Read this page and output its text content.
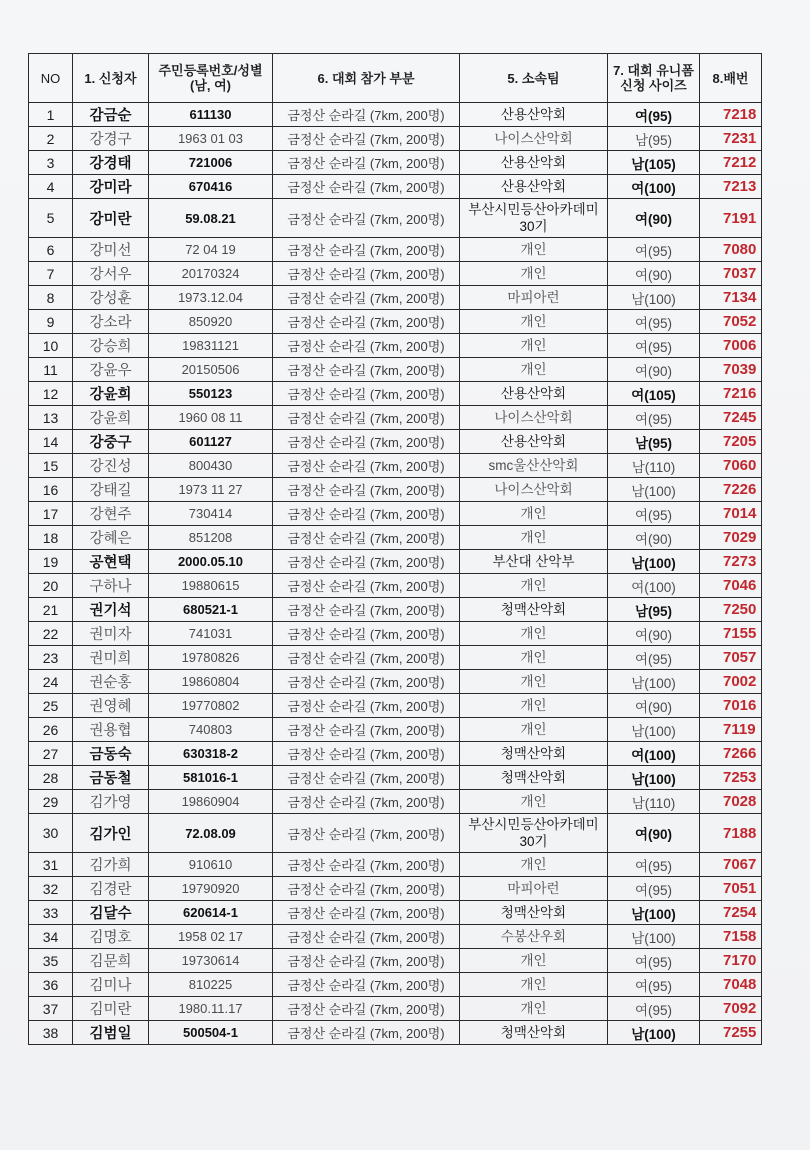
NO	1. 신청자	주민등록번호/성별 (남, 여)	6. 대회 참가 부분	5. 소속팀	7. 대회 유니폼 신청 사이즈	8.배번
1	감금순	611130	금정산 순라길 (7km, 200명)	산용산악회	여(95)	7218
2	강경구	1963 01 03	금정산 순라길 (7km, 200명)	나이스산악회	남(95)	7231
3	강경태	721006	금정산 순라길 (7km, 200명)	산용산악회	남(105)	7212
4	강미라	670416	금정산 순라길 (7km, 200명)	산용산악회	여(100)	7213
5	강미란	59.08.21	금정산 순라길 (7km, 200명)	부산시민등산아카데미 30기	여(90)	7191
6	강미선	72 04 19	금정산 순라길 (7km, 200명)	개인	여(95)	7080
7	강서우	20170324	금정산 순라길 (7km, 200명)	개인	여(90)	7037
8	강성훈	1973.12.04	금정산 순라길 (7km, 200명)	마피아런	남(100)	7134
9	강소라	850920	금정산 순라길 (7km, 200명)	개인	여(95)	7052
10	강승희	19831121	금정산 순라길 (7km, 200명)	개인	여(95)	7006
11	강윤우	20150506	금정산 순라길 (7km, 200명)	개인	여(90)	7039
12	강윤희	550123	금정산 순라길 (7km, 200명)	산용산악회	여(105)	7216
13	강윤희	1960 08 11	금정산 순라길 (7km, 200명)	나이스산악회	여(95)	7245
14	강중구	601127	금정산 순라길 (7km, 200명)	산용산악회	남(95)	7205
15	강진성	800430	금정산 순라길 (7km, 200명)	smc울산산악회	남(110)	7060
16	강태길	1973 11 27	금정산 순라길 (7km, 200명)	나이스산악회	남(100)	7226
17	강현주	730414	금정산 순라길 (7km, 200명)	개인	여(95)	7014
18	강혜은	851208	금정산 순라길 (7km, 200명)	개인	여(90)	7029
19	공현택	2000.05.10	금정산 순라길 (7km, 200명)	부산대 산악부	남(100)	7273
20	구하나	19880615	금정산 순라길 (7km, 200명)	개인	여(100)	7046
21	권기석	680521-1	금정산 순라길 (7km, 200명)	청맥산악회	남(95)	7250
22	권미자	741031	금정산 순라길 (7km, 200명)	개인	여(90)	7155
23	권미희	19780826	금정산 순라길 (7km, 200명)	개인	여(95)	7057
24	권순홍	19860804	금정산 순라길 (7km, 200명)	개인	남(100)	7002
25	권영혜	19770802	금정산 순라길 (7km, 200명)	개인	여(90)	7016
26	권용협	740803	금정산 순라길 (7km, 200명)	개인	남(100)	7119
27	금동숙	630318-2	금정산 순라길 (7km, 200명)	청맥산악회	여(100)	7266
28	금동철	581016-1	금정산 순라길 (7km, 200명)	청맥산악회	남(100)	7253
29	김가영	19860904	금정산 순라길 (7km, 200명)	개인	남(110)	7028
30	김가인	72.08.09	금정산 순라길 (7km, 200명)	부산시민등산아카데미 30기	여(90)	7188
31	김가희	910610	금정산 순라길 (7km, 200명)	개인	여(95)	7067
32	김경란	19790920	금정산 순라길 (7km, 200명)	마피아런	여(95)	7051
33	김달수	620614-1	금정산 순라길 (7km, 200명)	청맥산악회	남(100)	7254
34	김명호	1958 02 17	금정산 순라길 (7km, 200명)	수봉산우회	남(100)	7158
35	김문희	19730614	금정산 순라길 (7km, 200명)	개인	여(95)	7170
36	김미나	810225	금정산 순라길 (7km, 200명)	개인	여(95)	7048
37	김미란	1980.11.17	금정산 순라길 (7km, 200명)	개인	여(95)	7092
38	김범일	500504-1	금정산 순라길 (7km, 200명)	청맥산악회	남(100)	7255
